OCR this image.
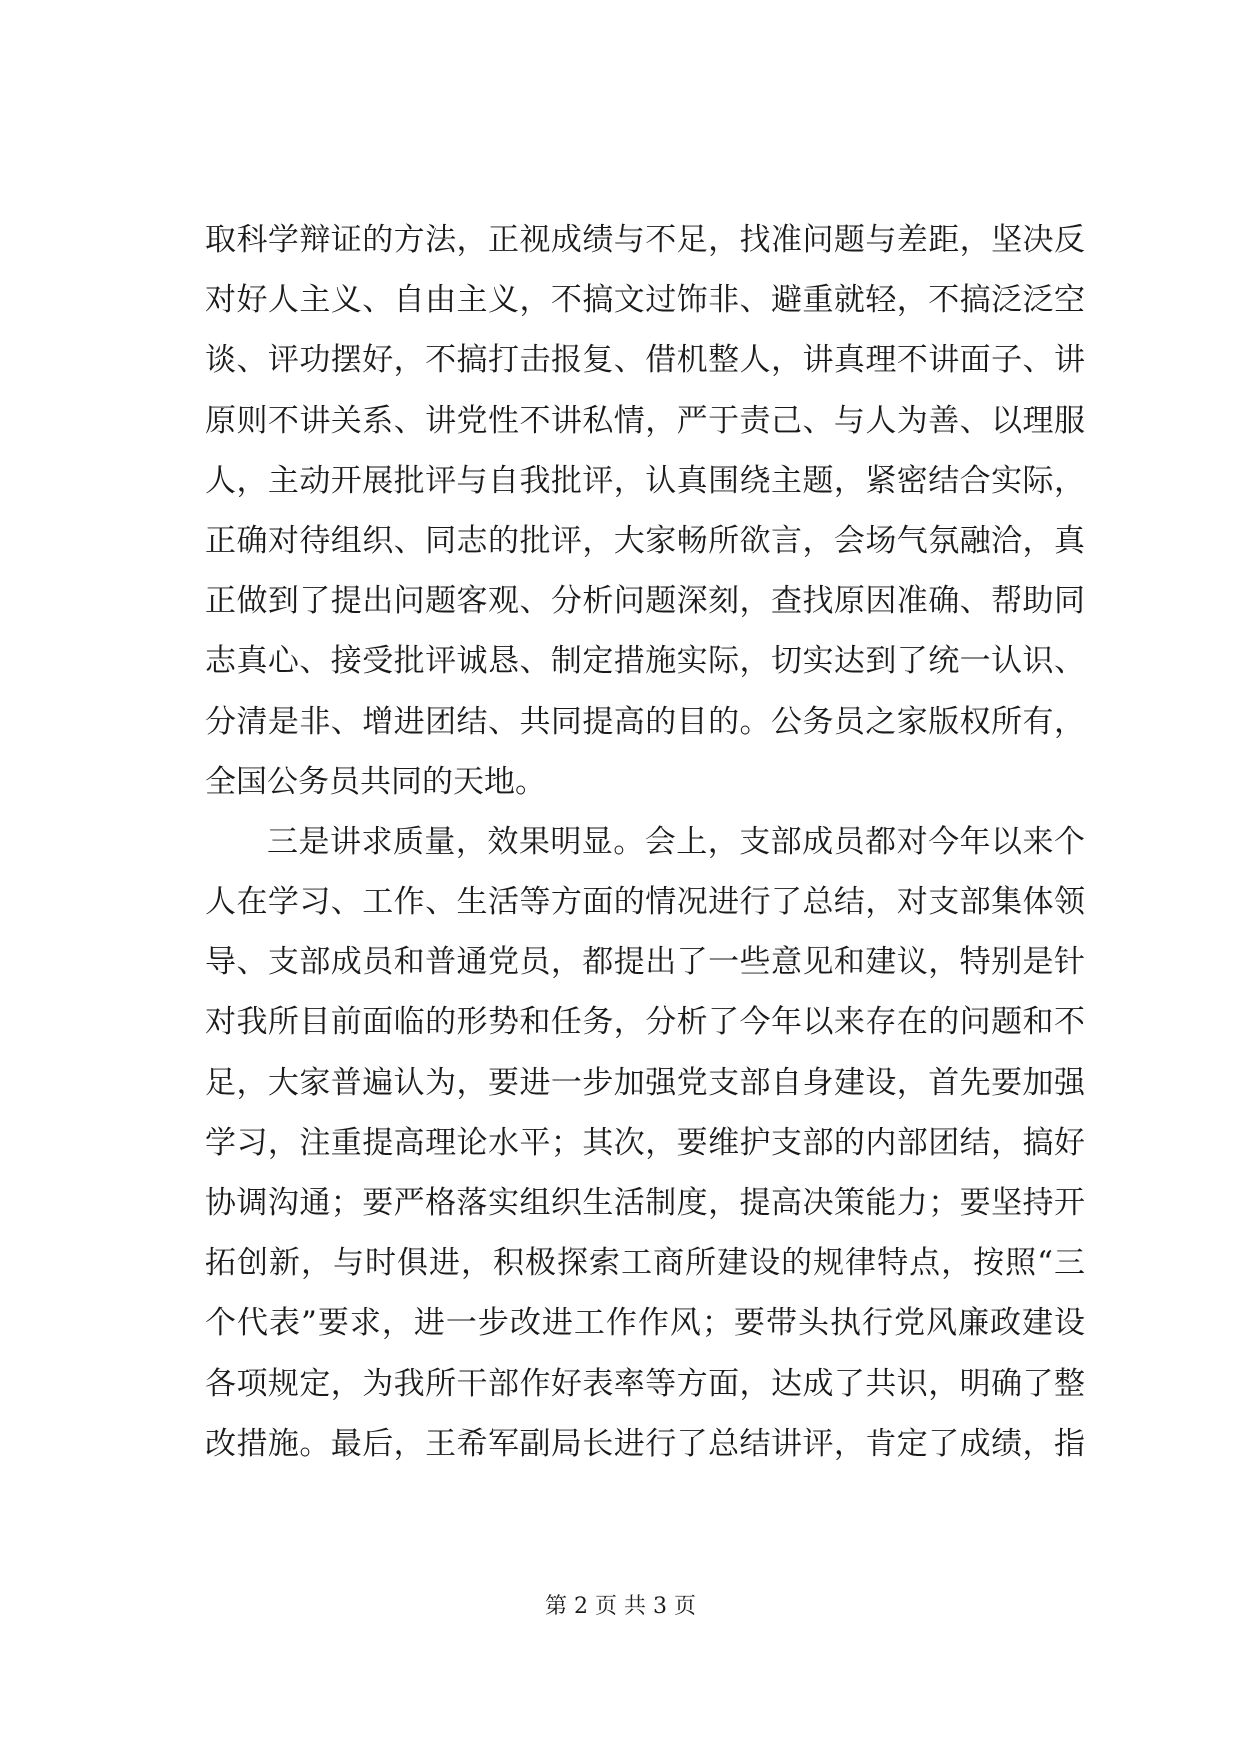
取科学辩证的方法，正视成绩与不足，找准问题与差距，坚决反
对好人主义、自由主义，不搞文过饰非、避重就轻，不搞泛泛空
谈、评功摆好，不搞打击报复、借机整人，讲真理不讲面子、讲
原则不讲关系、讲党性不讲私情，严于责己、与人为善、以理服
人，主动开展批评与自我批评，认真围绕主题，紧密结合实际，
正确对待组织、同志的批评，大家畅所欲言，会场气氛融洽，真
正做到了提出问题客观、分析问题深刻，查找原因准确、帮助同
志真心、接受批评诚恳、制定措施实际，切实达到了统一认识、
分清是非、增进团结、共同提高的目的。公务员之家版权所有，
全国公务员共同的天地。
三是讲求质量，效果明显。会上，支部成员都对今年以来个
人在学习、工作、生活等方面的情况进行了总结，对支部集体领
导、支部成员和普通党员，都提出了一些意见和建议，特别是针
对我所目前面临的形势和任务，分析了今年以来存在的问题和不
足，大家普遍认为，要进一步加强党支部自身建设，首先要加强
学习，注重提高理论水平；其次，要维护支部的内部团结，搞好
协调沟通；要严格落实组织生活制度，提高决策能力；要坚持开
拓创新，与时俱进，积极探索工商所建设的规律特点，按照“三
个代表”要求，进一步改进工作作风；要带头执行党风廉政建设
各项规定，为我所干部作好表率等方面，达成了共识，明确了整
改措施。最后，王希军副局长进行了总结讲评，肯定了成绩，指
第 2 页 共 3 页
